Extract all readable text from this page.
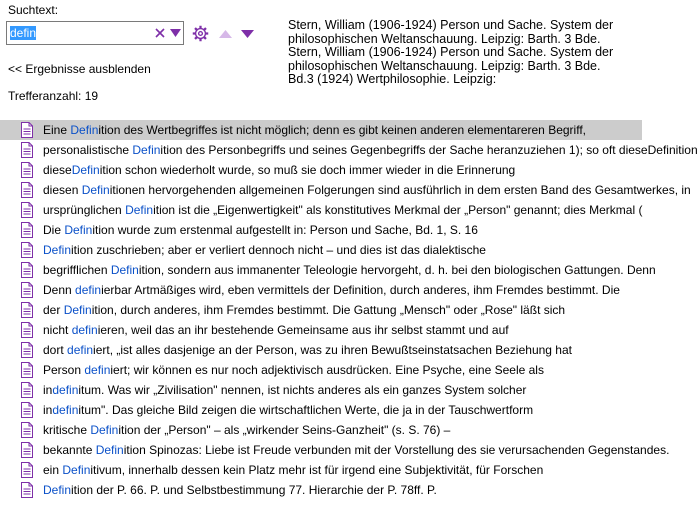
Suchtext:
defin
<< Ergebnisse ausblenden
Trefferanzahl: 19
Stern, William (1906-1924) Person und Sache. System der philosophischen Weltanschauung. Leipzig: Barth. 3 Bde. Stern, William (1906-1924) Person und Sache. System der philosophischen Weltanschauung. Leipzig: Barth. 3 Bde. Bd.3 (1924) Wertphilosophie. Leipzig:
Eine Definition des Wertbegriffes ist nicht möglich; denn es gibt keinen anderen elementareren Begriff,
personalistische Definition des Personbegriffs und seines Gegenbegriffs der Sache heranzuziehen 1); so oft dieseDefinition
dieseDefinition schon wiederholt wurde, so muß sie doch immer wieder in die Erinnerung
diesen Definitionen hervorgehenden allgemeinen Folgerungen sind ausführlich in dem ersten Band des Gesamtwerkes, in
ursprünglichen Definition ist die „Eigenwertigkeit" als konstitutives Merkmal der „Person" genannt; dies Merkmal (
Die Definition wurde zum erstenmal aufgestellt in: Person und Sache, Bd. 1, S. 16
Definition zuschrieben; aber er verliert dennoch nicht – und dies ist das dialektische
begrifflichen Definition, sondern aus immanenter Teleologie hervorgeht, d. h. bei den biologischen Gattungen. Denn
Denn definierbar Artmäßiges wird, eben vermittels der Definition, durch anderes, ihm Fremdes bestimmt. Die
der Definition, durch anderes, ihm Fremdes bestimmt. Die Gattung „Mensch" oder „Rose" läßt sich
nicht definieren, weil das an ihr bestehende Gemeinsame aus ihr selbst stammt und auf
dort definiert, „ist alles dasjenige an der Person, was zu ihren Bewußtseinstatsachen Beziehung hat
Person definiert; wir können es nur noch adjektivisch ausdrücken. Eine Psyche, eine Seele als
indefinitum. Was wir „Zivilisation" nennen, ist nichts anderes als ein ganzes System solcher
indefinitum". Das gleiche Bild zeigen die wirtschaftlichen Werte, die ja in der Tauschwertform
kritische Definition der „Person" – als „wirkender Seins-Ganzheit" (s. S. 76) –
bekannte Definition Spinozas: Liebe ist Freude verbunden mit der Vorstellung des sie verursachenden Gegenstandes.
ein Definitivum, innerhalb dessen kein Platz mehr ist für irgend eine Subjektivität, für Forschen
Definition der P. 66. P. und Selbstbestimmung 77. Hierarchie der P. 78ff. P.
